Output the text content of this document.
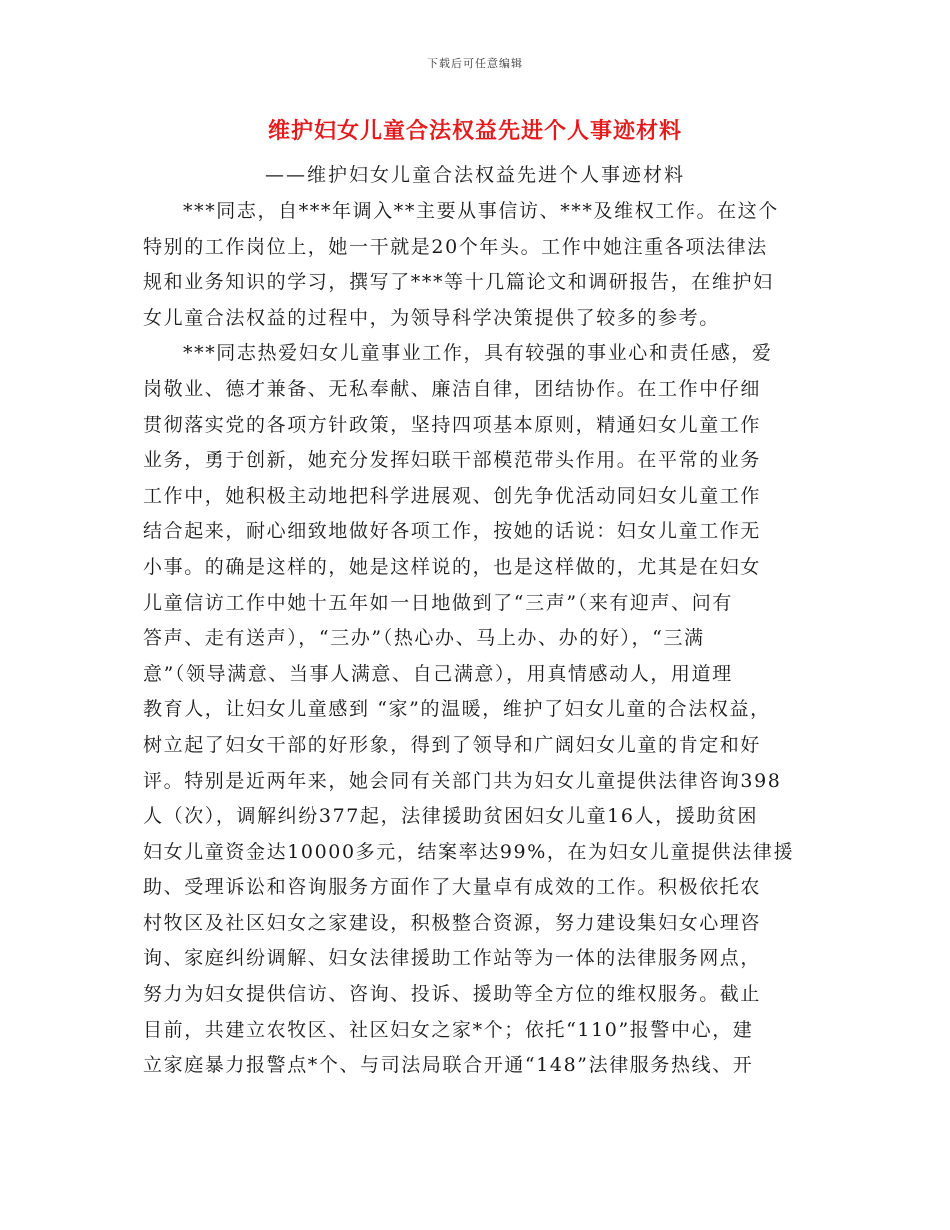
下载后可任意编辑
维护妇女儿童合法权益先进个人事迹材料
——维护妇女儿童合法权益先进个人事迹材料
***同志，自***年调入**主要从事信访、***及维权工作。在这个
特别的工作岗位上，她一干就是20个年头。工作中她注重各项法律法
规和业务知识的学习，撰写了***等十几篇论文和调研报告，在维护妇
女儿童合法权益的过程中，为领导科学决策提供了较多的参考。
***同志热爱妇女儿童事业工作，具有较强的事业心和责任感，爱
岗敬业、德才兼备、无私奉献、廉洁自律，团结协作。在工作中仔细
贯彻落实党的各项方针政策，坚持四项基本原则，精通妇女儿童工作
业务，勇于创新，她充分发挥妇联干部模范带头作用。在平常的业务
工作中，她积极主动地把科学进展观、创先争优活动同妇女儿童工作
结合起来，耐心细致地做好各项工作，按她的话说：妇女儿童工作无
小事。的确是这样的，她是这样说的，也是这样做的，尤其是在妇女
儿童信访工作中她十五年如一日地做到了“三声”（来有迎声、问有
答声、走有送声），“三办”（热心办、马上办、办的好），“三满
意”（领导满意、当事人满意、自己满意），用真情感动人，用道理
教育人，让妇女儿童感到 “家”的温暖，维护了妇女儿童的合法权益，
树立起了妇女干部的好形象，得到了领导和广阔妇女儿童的肯定和好
评。特别是近两年来，她会同有关部门共为妇女儿童提供法律咨询398
人（次），调解纠纷377起，法律援助贫困妇女儿童16人，援助贫困
妇女儿童资金达10000多元，结案率达99%，在为妇女儿童提供法律援
助、受理诉讼和咨询服务方面作了大量卓有成效的工作。积极依托农
村牧区及社区妇女之家建设，积极整合资源，努力建设集妇女心理咨
询、家庭纠纷调解、妇女法律援助工作站等为一体的法律服务网点，
努力为妇女提供信访、咨询、投诉、援助等全方位的维权服务。截止
目前，共建立农牧区、社区妇女之家*个；依托“110”报警中心，建
立家庭暴力报警点*个、与司法局联合开通“148”法律服务热线、开
